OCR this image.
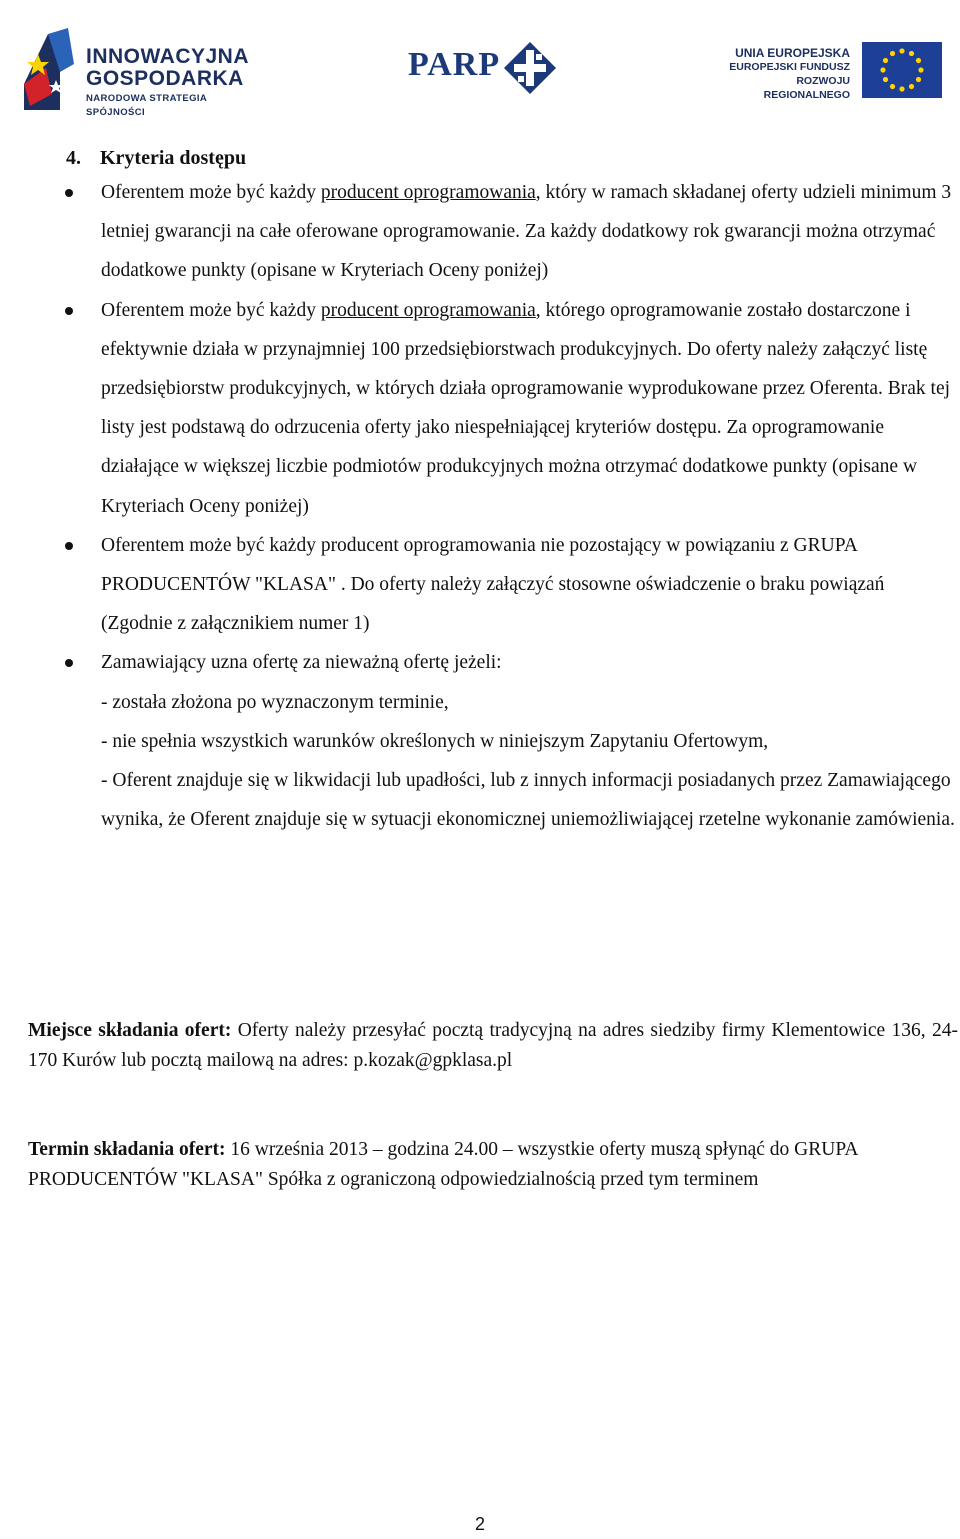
INNOWACYJNA
GOSPODARKA
NARODOWA STRATEGIA SPÓJNOŚCI
PARP	UNIA EUROPEJSKA
EUROPEJSKI FUNDUSZ
ROZWOJU REGIONALNEGO
4. Kryteria dostępu
Oferentem może być każdy producent oprogramowania, który w ramach składanej oferty udzieli minimum 3 letniej gwarancji na całe oferowane oprogramowanie. Za każdy dodatkowy rok gwarancji można otrzymać dodatkowe punkty (opisane w Kryteriach Oceny poniżej)
Oferentem może być każdy producent oprogramowania, którego oprogramowanie zostało dostarczone i efektywnie działa w przynajmniej 100 przedsiębiorstwach produkcyjnych. Do oferty należy załączyć listę przedsiębiorstw produkcyjnych, w których działa oprogramowanie wyprodukowane przez Oferenta. Brak tej listy jest podstawą do odrzucenia oferty jako niespełniającej kryteriów dostępu. Za oprogramowanie działające w większej liczbie podmiotów produkcyjnych można otrzymać dodatkowe punkty (opisane w Kryteriach Oceny poniżej)
Oferentem może być każdy producent oprogramowania nie pozostający w powiązaniu z GRUPA PRODUCENTÓW "KLASA" . Do oferty należy załączyć stosowne oświadczenie o braku powiązań (Zgodnie z załącznikiem numer 1)
Zamawiający uzna ofertę za nieważną ofertę jeżeli:
- została złożona po wyznaczonym terminie,
- nie spełnia wszystkich warunków określonych w niniejszym Zapytaniu Ofertowym,
- Oferent znajduje się w likwidacji lub upadłości, lub z innych informacji posiadanych przez Zamawiającego wynika, że Oferent znajduje się w sytuacji ekonomicznej uniemożliwiającej rzetelne wykonanie zamówienia.
Miejsce składania ofert: Oferty należy przesyłać pocztą tradycyjną na adres siedziby firmy Klementowice 136, 24-170 Kurów lub pocztą mailową na adres: p.kozak@gpklasa.pl
Termin składania ofert: 16 września 2013 – godzina 24.00 – wszystkie oferty muszą spłynąć do GRUPA PRODUCENTÓW "KLASA" Spółka z ograniczoną odpowiedzialnością przed tym terminem
2
